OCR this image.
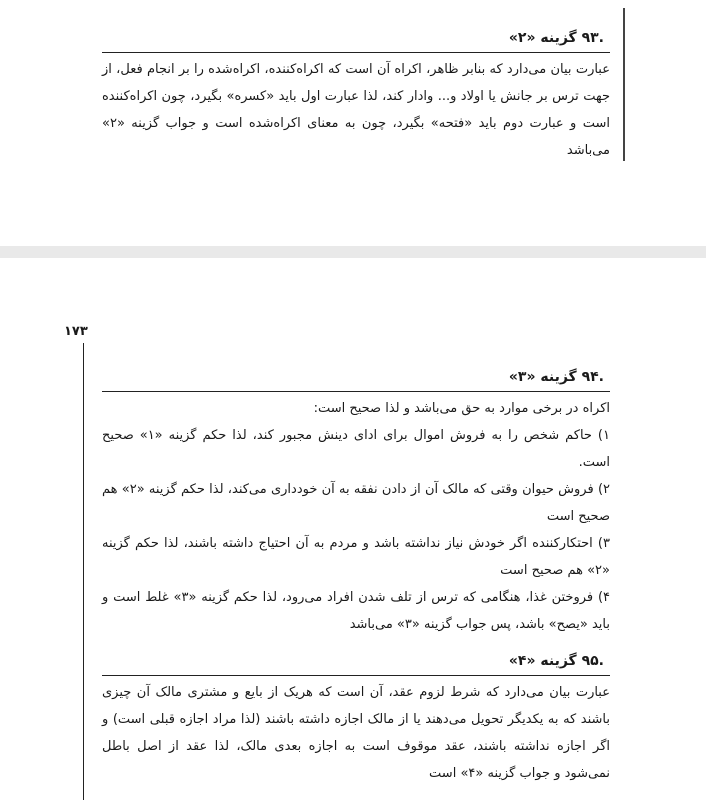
۱۷۳
.۹۳ گزینه «۲»

عبارت بیان می‌دارد که بنابر ظاهر، اکراه آن است که اکراه‌کننده، اکراه‌شده را بر انجام فعل، از جهت ترس بر جانش یا اولاد و... وادار کند، لذا عبارت اول باید «کسره» بگیرد، چون اکراه‌کننده است و عبارت دوم باید «فتحه» بگیرد، چون به معنای اکراه‌شده است و جواب گزینه «۲» می‌باشد

.۹۴ گزینه «۳»
اکراه در برخی موارد به حق می‌باشد و لذا صحیح است:
۱) حاکم شخص را به فروش اموال برای ادای دینش مجبور کند، لذا حکم گزینه «۱» صحیح است.
۲) فروش حیوان وقتی که مالک آن از دادن نفقه به آن خودداری می‌کند، لذا حکم گزینه «۲» هم صحیح است
۳) احتکارکننده اگر خودش نیاز نداشته باشد و مردم به آن احتیاج داشته باشند، لذا حکم گزینه «۲» هم صحیح است
۴) فروختن غذا، هنگامی که ترس از تلف شدن افراد می‌رود، لذا حکم گزینه «۳» غلط است و باید «یصح» باشد، پس جواب گزینه «۳» می‌باشد
.۹۵ گزینه «۴»

عبارت بیان می‌دارد که شرط لزوم عقد، آن است که هریک از بایع و مشتری مالک آن چیزی باشند که به یکدیگر تحویل می‌دهند یا از مالک اجازه داشته باشند (لذا مراد اجازه قبلی است) و اگر اجازه نداشته باشند، عقد موقوف است به اجازه بعدی مالک، لذا عقد از اصل باطل نمی‌شود و جواب گزینه «۴» است
